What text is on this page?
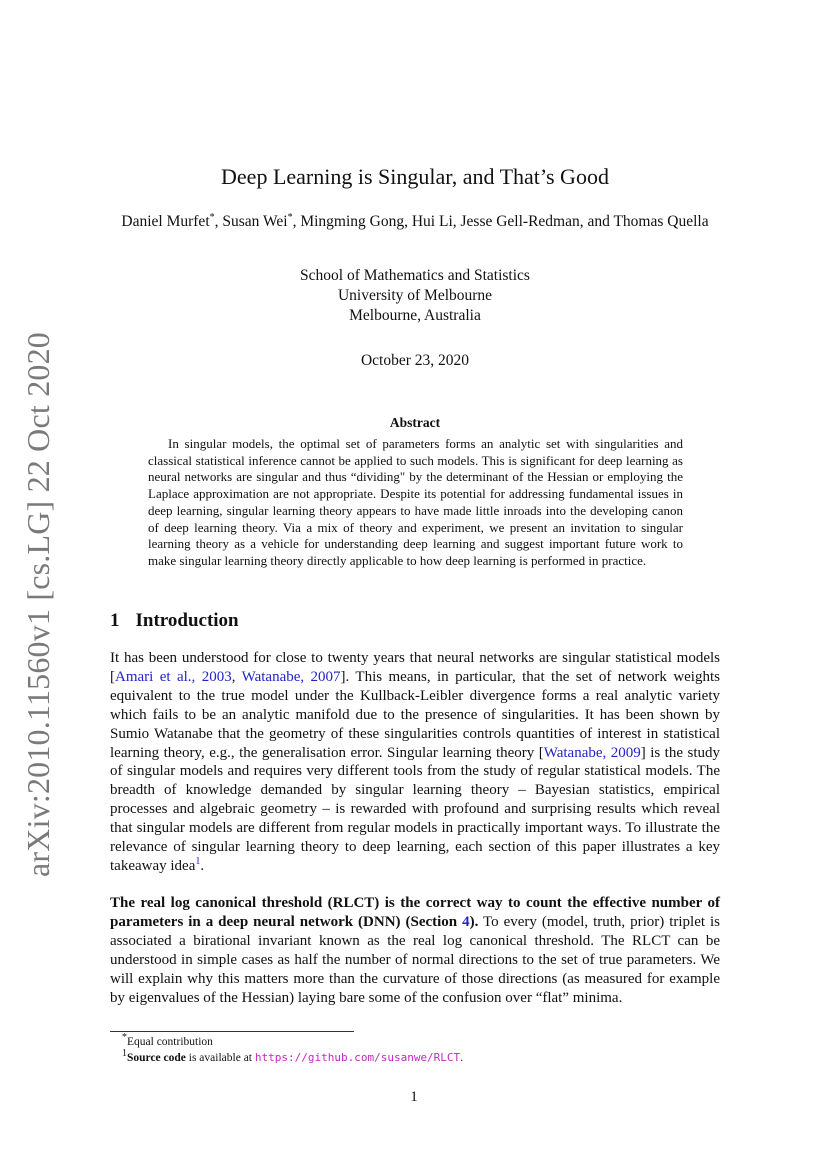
arXiv:2010.11560v1 [cs.LG] 22 Oct 2020
Deep Learning is Singular, and That’s Good
Daniel Murfet*, Susan Wei*, Mingming Gong, Hui Li, Jesse Gell-Redman, and Thomas Quella
School of Mathematics and Statistics
University of Melbourne
Melbourne, Australia
October 23, 2020
Abstract
In singular models, the optimal set of parameters forms an analytic set with singularities and classical statistical inference cannot be applied to such models. This is significant for deep learning as neural networks are singular and thus “dividing" by the determinant of the Hessian or employing the Laplace approximation are not appropriate. Despite its potential for addressing fundamental issues in deep learning, singular learning theory appears to have made little inroads into the developing canon of deep learning theory. Via a mix of theory and experiment, we present an invitation to singular learning theory as a vehicle for understanding deep learning and suggest important future work to make singular learning theory directly applicable to how deep learning is performed in practice.
1 Introduction
It has been understood for close to twenty years that neural networks are singular statistical models [Amari et al., 2003, Watanabe, 2007]. This means, in particular, that the set of network weights equivalent to the true model under the Kullback-Leibler divergence forms a real analytic variety which fails to be an analytic manifold due to the presence of singularities. It has been shown by Sumio Watanabe that the geometry of these singularities controls quantities of interest in statistical learning theory, e.g., the generalisation error. Singular learning theory [Watanabe, 2009] is the study of singular models and requires very different tools from the study of regular statistical models. The breadth of knowledge demanded by singular learning theory – Bayesian statistics, empirical processes and algebraic geometry – is rewarded with profound and surprising results which reveal that singular models are different from regular models in practically important ways. To illustrate the relevance of singular learning theory to deep learning, each section of this paper illustrates a key takeaway idea$^1$.
The real log canonical threshold (RLCT) is the correct way to count the effective number of parameters in a deep neural network (DNN) (Section 4). To every (model, truth, prior) triplet is associated a birational invariant known as the real log canonical threshold. The RLCT can be understood in simple cases as half the number of normal directions to the set of true parameters. We will explain why this matters more than the curvature of those directions (as measured for example by eigenvalues of the Hessian) laying bare some of the confusion over “flat” minima.
*Equal contribution
$^1$Source code is available at https://github.com/susanwe/RLCT.
1
